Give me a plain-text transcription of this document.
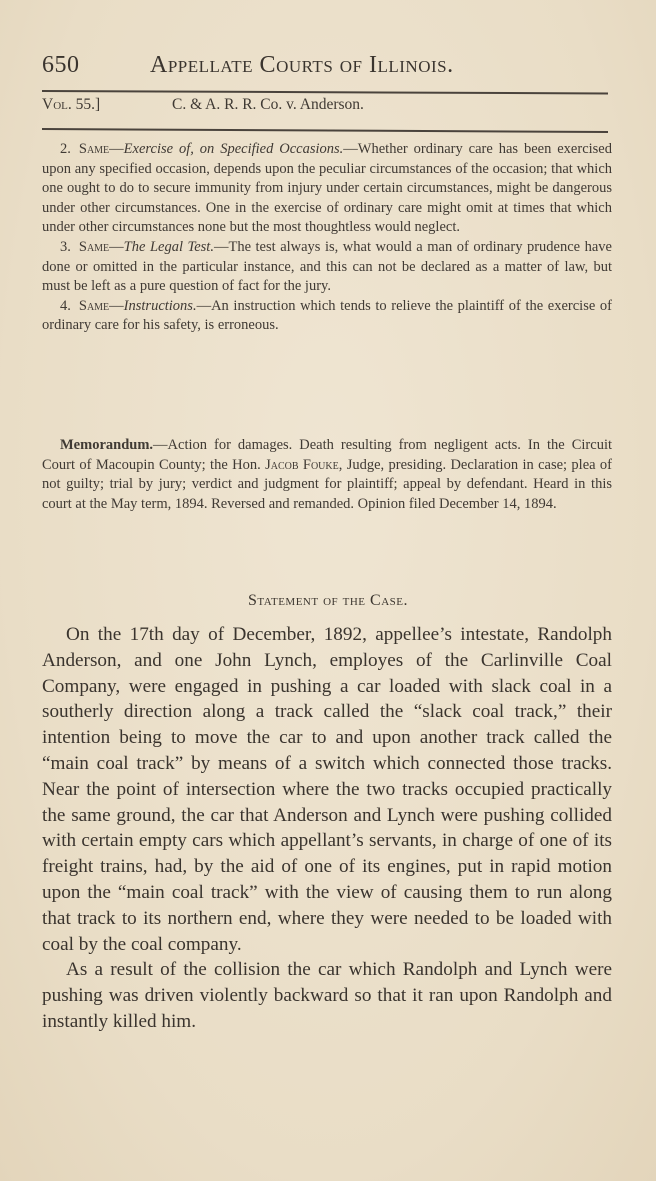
650	Appellate Courts of Illinois.
Vol. 55.]	C. & A. R. R. Co. v. Anderson.

2. Same—Exercise of, on Specified Occasions.—Whether ordinary care has been exercised upon any specified occasion, depends upon the peculiar circumstances of the occasion; that which one ought to do to secure immunity from injury under certain circumstances, might be dangerous under other circumstances. One in the exercise of ordinary care might omit at times that which under other circumstances none but the most thoughtless would neglect.

3. Same—The Legal Test.—The test always is, what would a man of ordinary prudence have done or omitted in the particular instance, and this can not be declared as a matter of law, but must be left as a pure question of fact for the jury.

4. Same—Instructions.—An instruction which tends to relieve the plaintiff of the exercise of ordinary care for his safety, is erroneous.

Memorandum.—Action for damages. Death resulting from negligent acts. In the Circuit Court of Macoupin County; the Hon. Jacob Fouke, Judge, presiding. Declaration in case; plea of not guilty; trial by jury; verdict and judgment for plaintiff; appeal by defendant. Heard in this court at the May term, 1894. Reversed and remanded. Opinion filed December 14, 1894.

Statement of the Case.

On the 17th day of December, 1892, appellee’s intestate, Randolph Anderson, and one John Lynch, employes of the Carlinville Coal Company, were engaged in pushing a car loaded with slack coal in a southerly direction along a track called the “slack coal track,” their intention being to move the car to and upon another track called the “main coal track” by means of a switch which connected those tracks. Near the point of intersection where the two tracks occupied practically the same ground, the car that Anderson and Lynch were pushing collided with certain empty cars which appellant’s servants, in charge of one of its freight trains, had, by the aid of one of its engines, put in rapid motion upon the “main coal track” with the view of causing them to run along that track to its northern end, where they were needed to be loaded with coal by the coal company.

As a result of the collision the car which Randolph and Lynch were pushing was driven violently backward so that it ran upon Randolph and instantly killed him.
